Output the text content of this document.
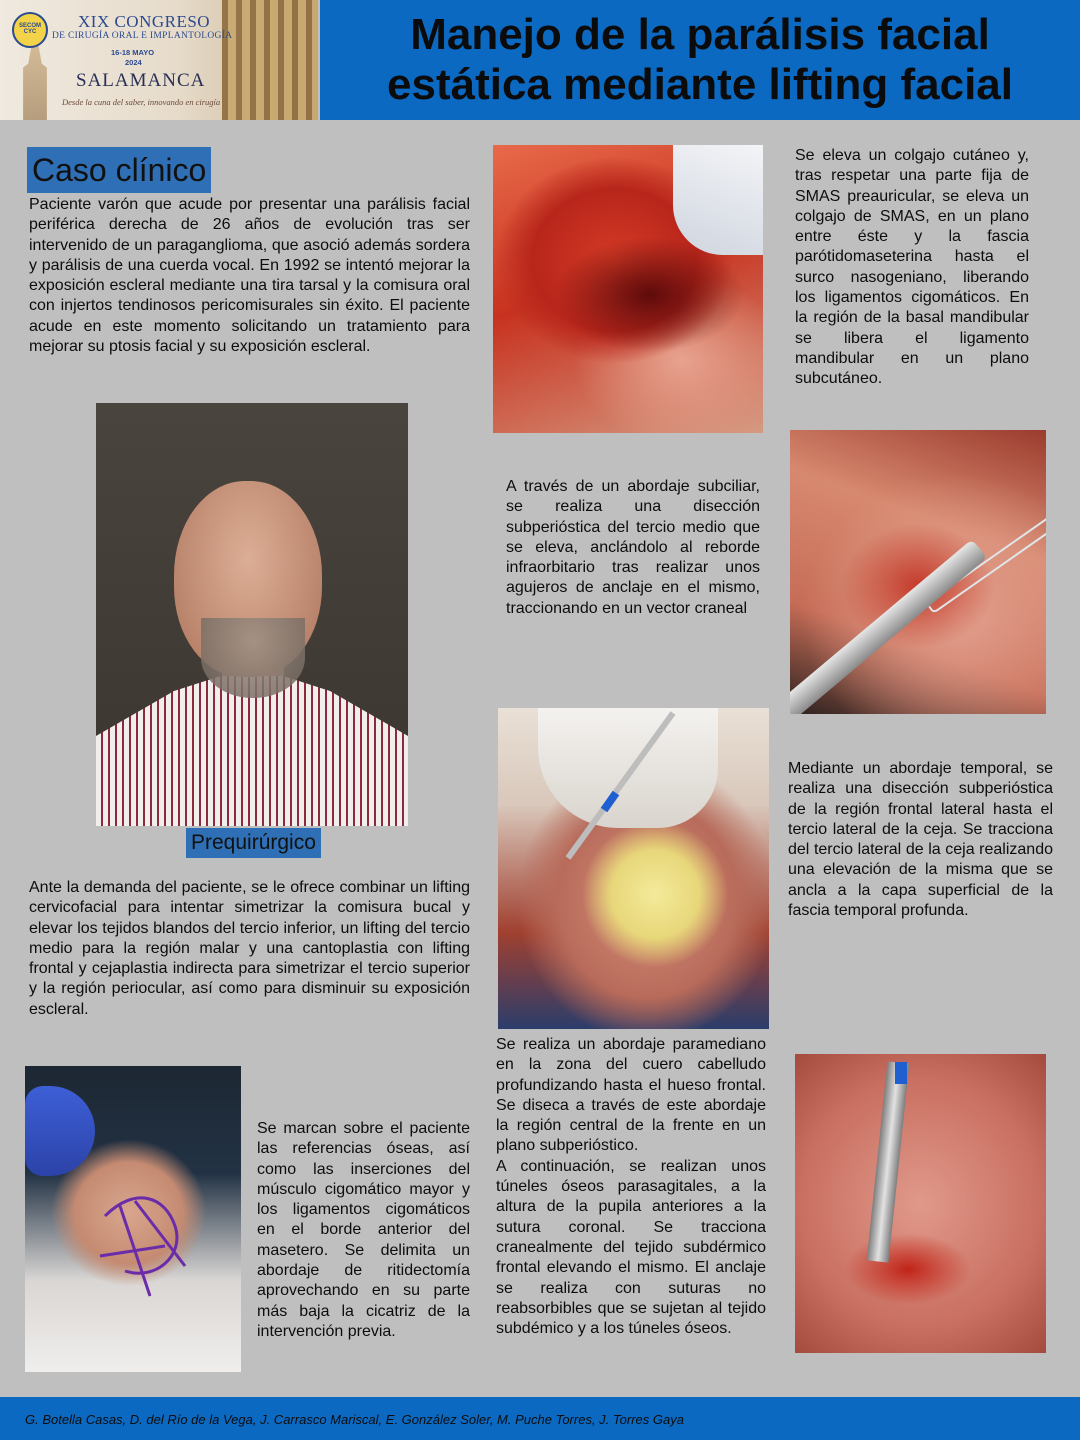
SECOM CYC
XIX CONGRESO
DE CIRUGÍA ORAL E IMPLANTOLOGÍA
16-18 MAYO
2024
SALAMANCA
Desde la cuna del saber, innovando en cirugía
Manejo de la parálisis facial
estática mediante lifting facial
Caso clínico
Paciente varón que acude por presentar una parálisis facial periférica derecha de 26 años de evolución tras ser intervenido de un paraganglioma, que asoció además sordera y parálisis de una cuerda vocal. En 1992 se intentó mejorar la exposición escleral mediante una tira tarsal y la comisura oral con injertos tendinosos pericomisurales sin éxito. El paciente acude en este momento solicitando un tratamiento para mejorar su ptosis facial y su exposición escleral.
Prequirúrgico
Ante la demanda del paciente, se le ofrece combinar un lifting cervicofacial para intentar simetrizar la comisura bucal y elevar los tejidos blandos del tercio inferior, un lifting del tercio medio para la región malar y una cantoplastia con lifting frontal y cejaplastia indirecta para simetrizar el tercio superior y la región periocular, así como para disminuir su exposición escleral.
Se marcan sobre el paciente las referencias óseas, así como las inserciones del músculo cigomático mayor y los ligamentos cigomáticos en el borde anterior del masetero. Se delimita un abordaje de ritidectomía aprovechando en su parte más baja la cicatriz de la intervención previa.
A través de un abordaje subciliar, se realiza una disección subperióstica del tercio medio que se eleva, anclándolo al reborde infraorbitario tras realizar unos agujeros de anclaje en el mismo, traccionando en un vector craneal
Se realiza un abordaje paramediano en la zona del cuero cabelludo profundizando hasta el hueso frontal. Se diseca a través de este abordaje la región central de la frente en un plano subperióstico.
A continuación, se realizan unos túneles óseos parasagitales, a la altura de la pupila anteriores a la sutura coronal. Se tracciona cranealmente del tejido subdérmico frontal elevando el mismo. El anclaje se realiza con suturas no reabsorbibles que se sujetan al tejido subdémico y a los túneles óseos.
Se eleva un colgajo cutáneo y, tras respetar una parte fija de SMAS preauricular, se eleva un colgajo de SMAS, en un plano entre éste y la fascia parótidomaseterina hasta el surco nasogeniano, liberando los ligamentos cigomáticos. En la región de la basal mandibular se libera el ligamento mandibular en un plano subcutáneo.
Mediante un abordaje temporal, se realiza una disección subperióstica de la región frontal lateral hasta el tercio lateral de la ceja. Se tracciona del tercio lateral de la ceja realizando una elevación de la misma que se ancla a la capa superficial de la fascia temporal profunda.
G. Botella Casas, D. del Río de la Vega, J. Carrasco Mariscal, E. González Soler, M. Puche Torres, J. Torres Gaya
